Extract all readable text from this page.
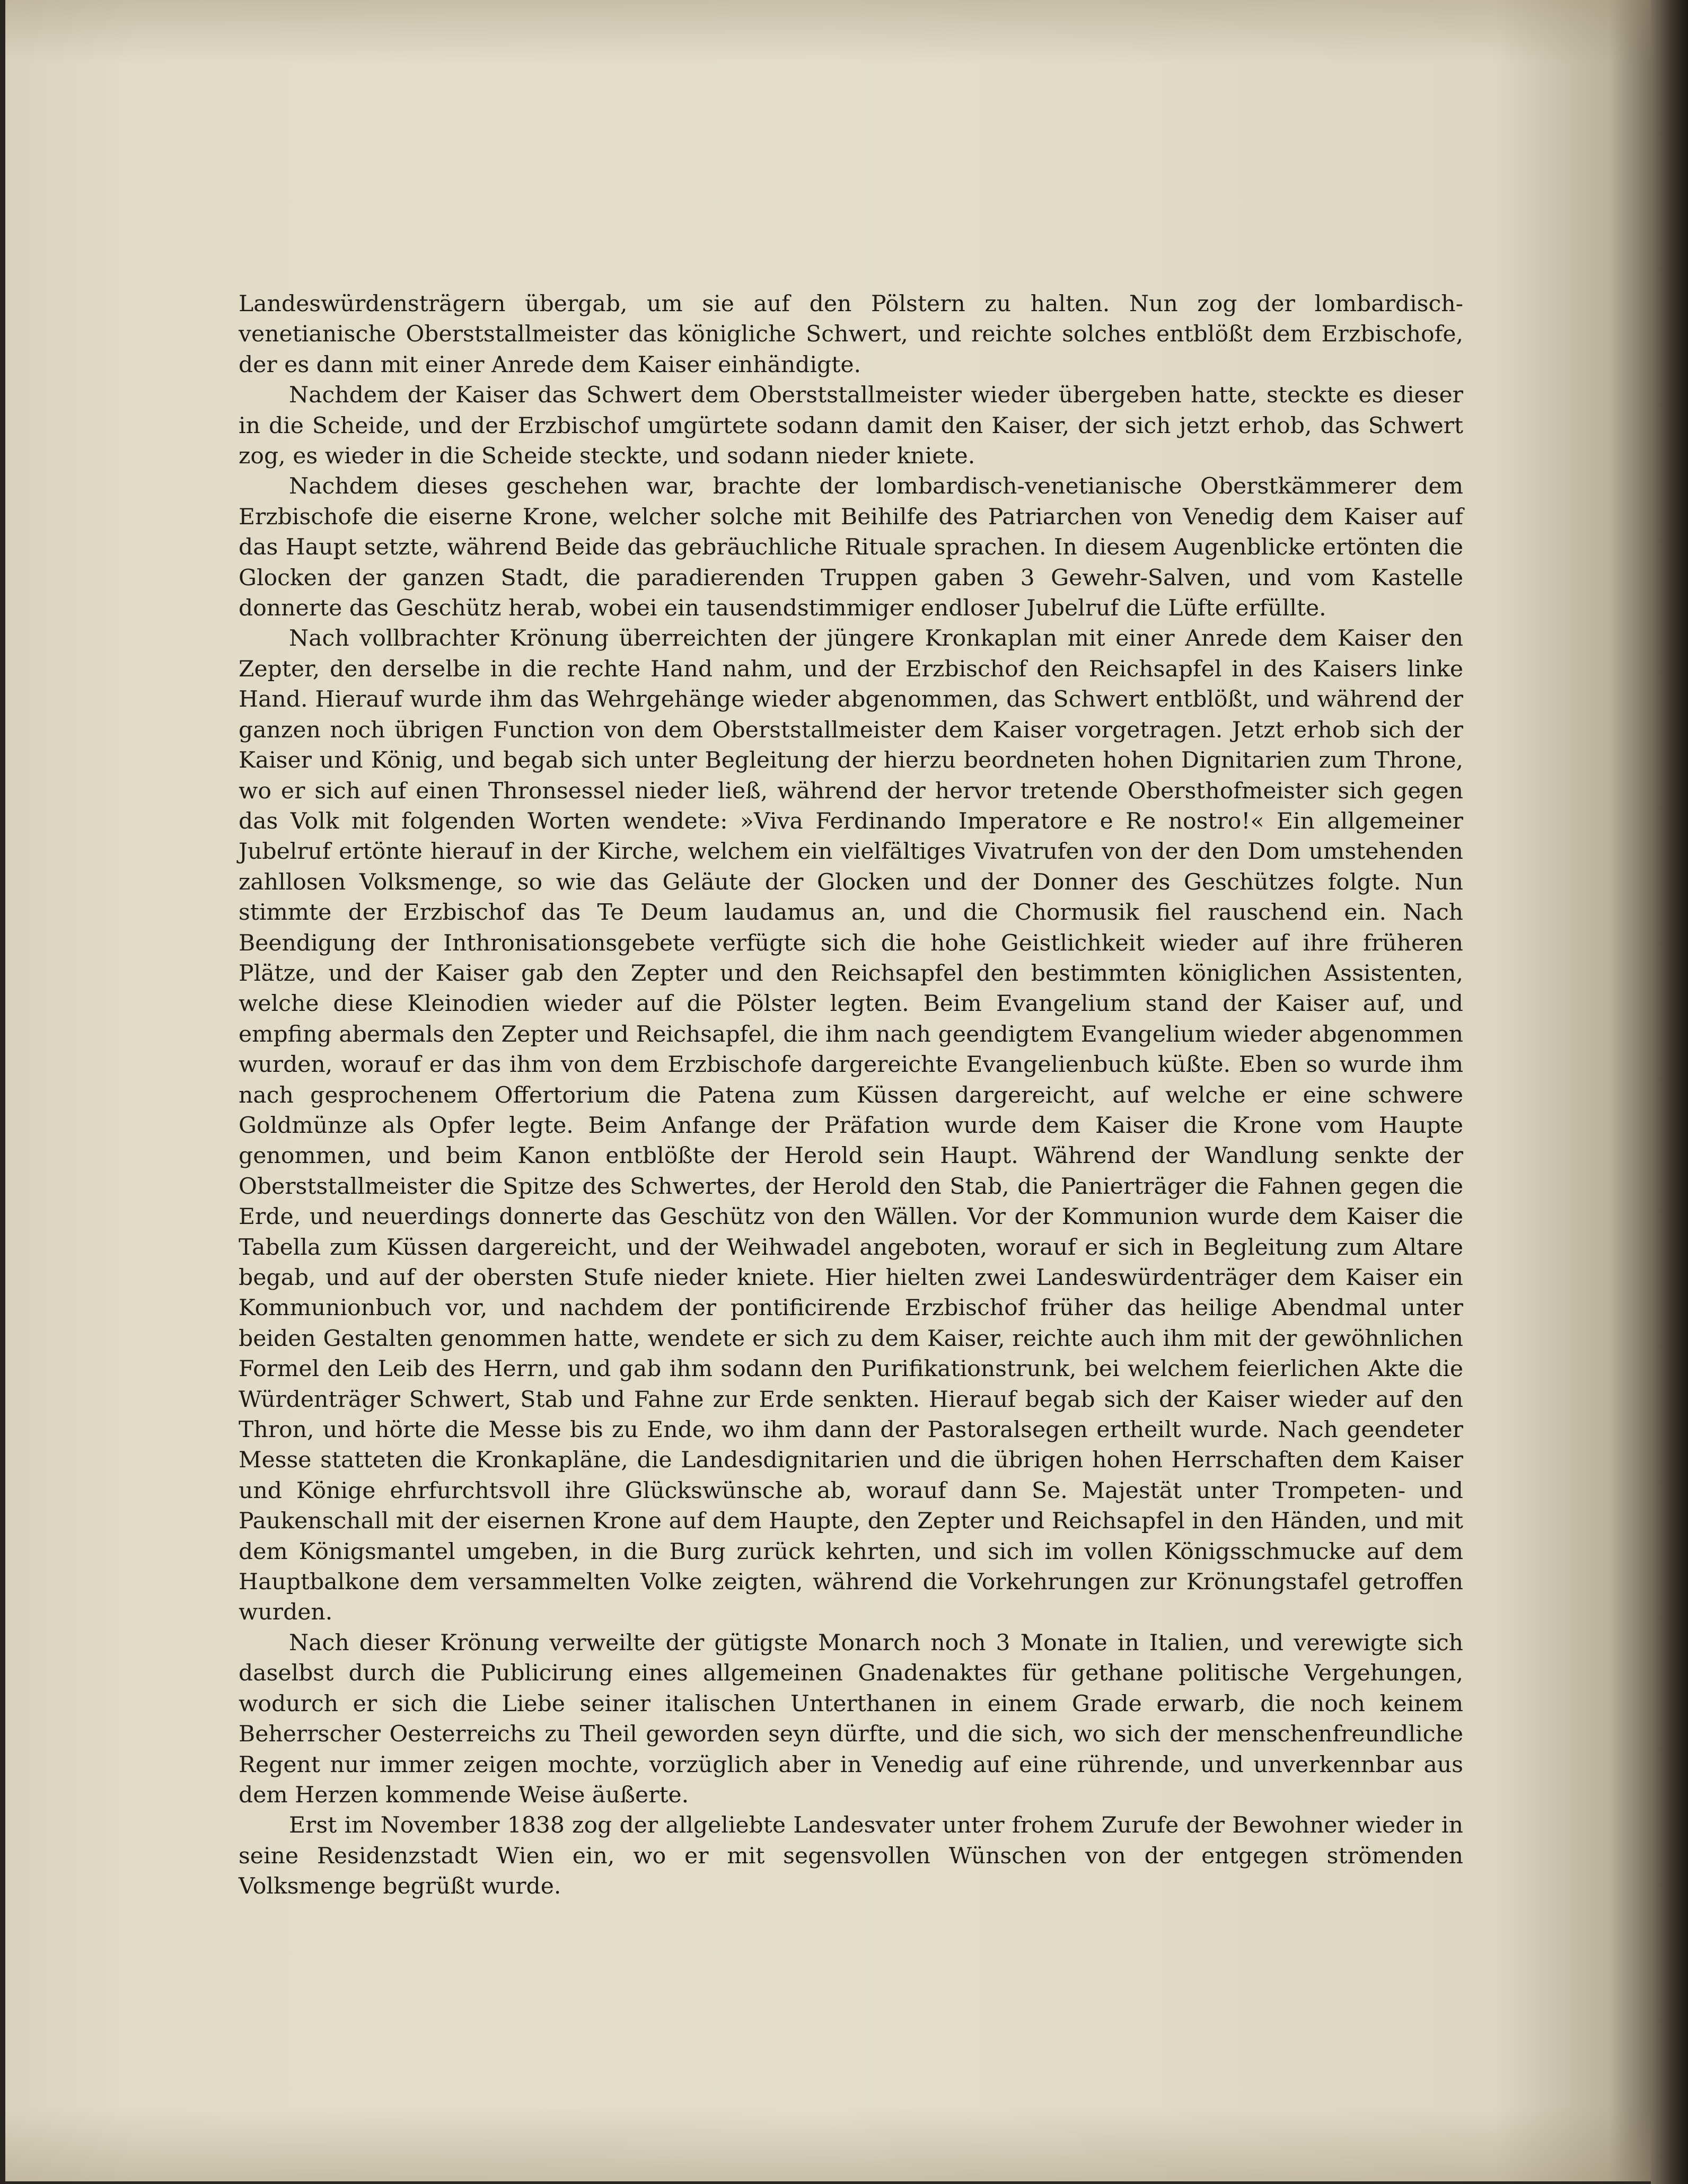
Landeswürdensträgern übergab, um sie auf den Pölstern zu halten. Nun zog der lombardisch-venetianische Oberststallmeister das königliche Schwert, und reichte solches entblößt dem Erzbischofe, der es dann mit einer Anrede dem Kaiser einhändigte.

Nachdem der Kaiser das Schwert dem Oberststallmeister wieder übergeben hatte, steckte es dieser in die Scheide, und der Erzbischof umgürtete sodann damit den Kaiser, der sich jetzt erhob, das Schwert zog, es wieder in die Scheide steckte, und sodann nieder kniete.

Nachdem dieses geschehen war, brachte der lombardisch-venetianische Oberstkämmerer dem Erzbischofe die eiserne Krone, welcher solche mit Beihilfe des Patriarchen von Venedig dem Kaiser auf das Haupt setzte, während Beide das gebräuchliche Rituale sprachen. In diesem Augenblicke ertönten die Glocken der ganzen Stadt, die paradierenden Truppen gaben 3 Gewehr-Salven, und vom Kastelle donnerte das Geschütz herab, wobei ein tausendstimmiger endloser Jubelruf die Lüfte erfüllte.

Nach vollbrachter Krönung überreichten der jüngere Kronkaplan mit einer Anrede dem Kaiser den Zepter, den derselbe in die rechte Hand nahm, und der Erzbischof den Reichsapfel in des Kaisers linke Hand. Hierauf wurde ihm das Wehrgehänge wieder abgenommen, das Schwert entblößt, und während der ganzen noch übrigen Function von dem Oberststallmeister dem Kaiser vorgetragen. Jetzt erhob sich der Kaiser und König, und begab sich unter Begleitung der hierzu beordneten hohen Dignitarien zum Throne, wo er sich auf einen Thronsessel nieder ließ, während der hervor tretende Obersthofmeister sich gegen das Volk mit folgenden Worten wendete: »Viva Ferdinando Imperatore e Re nostro!« Ein allgemeiner Jubelruf ertönte hierauf in der Kirche, welchem ein vielfältiges Vivatrufen von der den Dom umstehenden zahllosen Volksmenge, so wie das Geläute der Glocken und der Donner des Geschützes folgte. Nun stimmte der Erzbischof das Te Deum laudamus an, und die Chormusik fiel rauschend ein. Nach Beendigung der Inthronisationsgebete verfügte sich die hohe Geistlichkeit wieder auf ihre früheren Plätze, und der Kaiser gab den Zepter und den Reichsapfel den bestimmten königlichen Assistenten, welche diese Kleinodien wieder auf die Pölster legten. Beim Evangelium stand der Kaiser auf, und empfing abermals den Zepter und Reichsapfel, die ihm nach geendigtem Evangelium wieder abgenommen wurden, worauf er das ihm von dem Erzbischofe dargereichte Evangelienbuch küßte. Eben so wurde ihm nach gesprochenem Offertorium die Patena zum Küssen dargereicht, auf welche er eine schwere Goldmünze als Opfer legte. Beim Anfange der Präfation wurde dem Kaiser die Krone vom Haupte genommen, und beim Kanon entblößte der Herold sein Haupt. Während der Wandlung senkte der Oberststallmeister die Spitze des Schwertes, der Herold den Stab, die Panierträger die Fahnen gegen die Erde, und neuerdings donnerte das Geschütz von den Wällen. Vor der Kommunion wurde dem Kaiser die Tabella zum Küssen dargereicht, und der Weihwadel angeboten, worauf er sich in Begleitung zum Altare begab, und auf der obersten Stufe nieder kniete. Hier hielten zwei Landeswürdenträger dem Kaiser ein Kommunionbuch vor, und nachdem der pontificirende Erzbischof früher das heilige Abendmal unter beiden Gestalten genommen hatte, wendete er sich zu dem Kaiser, reichte auch ihm mit der gewöhnlichen Formel den Leib des Herrn, und gab ihm sodann den Purifikationstrunk, bei welchem feierlichen Akte die Würdenträger Schwert, Stab und Fahne zur Erde senkten. Hierauf begab sich der Kaiser wieder auf den Thron, und hörte die Messe bis zu Ende, wo ihm dann der Pastoralsegen ertheilt wurde. Nach geendeter Messe statteten die Kronkapläne, die Landesdignitarien und die übrigen hohen Herrschaften dem Kaiser und Könige ehrfurchtsvoll ihre Glückswünsche ab, worauf dann Se. Majestät unter Trompeten- und Paukenschall mit der eisernen Krone auf dem Haupte, den Zepter und Reichsapfel in den Händen, und mit dem Königsmantel umgeben, in die Burg zurück kehrten, und sich im vollen Königsschmucke auf dem Hauptbalkone dem versammelten Volke zeigten, während die Vorkehrungen zur Krönungstafel getroffen wurden.

Nach dieser Krönung verweilte der gütigste Monarch noch 3 Monate in Italien, und verewigte sich daselbst durch die Publicirung eines allgemeinen Gnadenaktes für gethane politische Vergehungen, wodurch er sich die Liebe seiner italischen Unterthanen in einem Grade erwarb, die noch keinem Beherrscher Oesterreichs zu Theil geworden seyn dürfte, und die sich, wo sich der menschenfreundliche Regent nur immer zeigen mochte, vorzüglich aber in Venedig auf eine rührende, und unverkennbar aus dem Herzen kommende Weise äußerte.

Erst im November 1838 zog der allgeliebte Landesvater unter frohem Zurufe der Bewohner wieder in seine Residenzstadt Wien ein, wo er mit segensvollen Wünschen von der entgegen strömenden Volksmenge begrüßt wurde.
